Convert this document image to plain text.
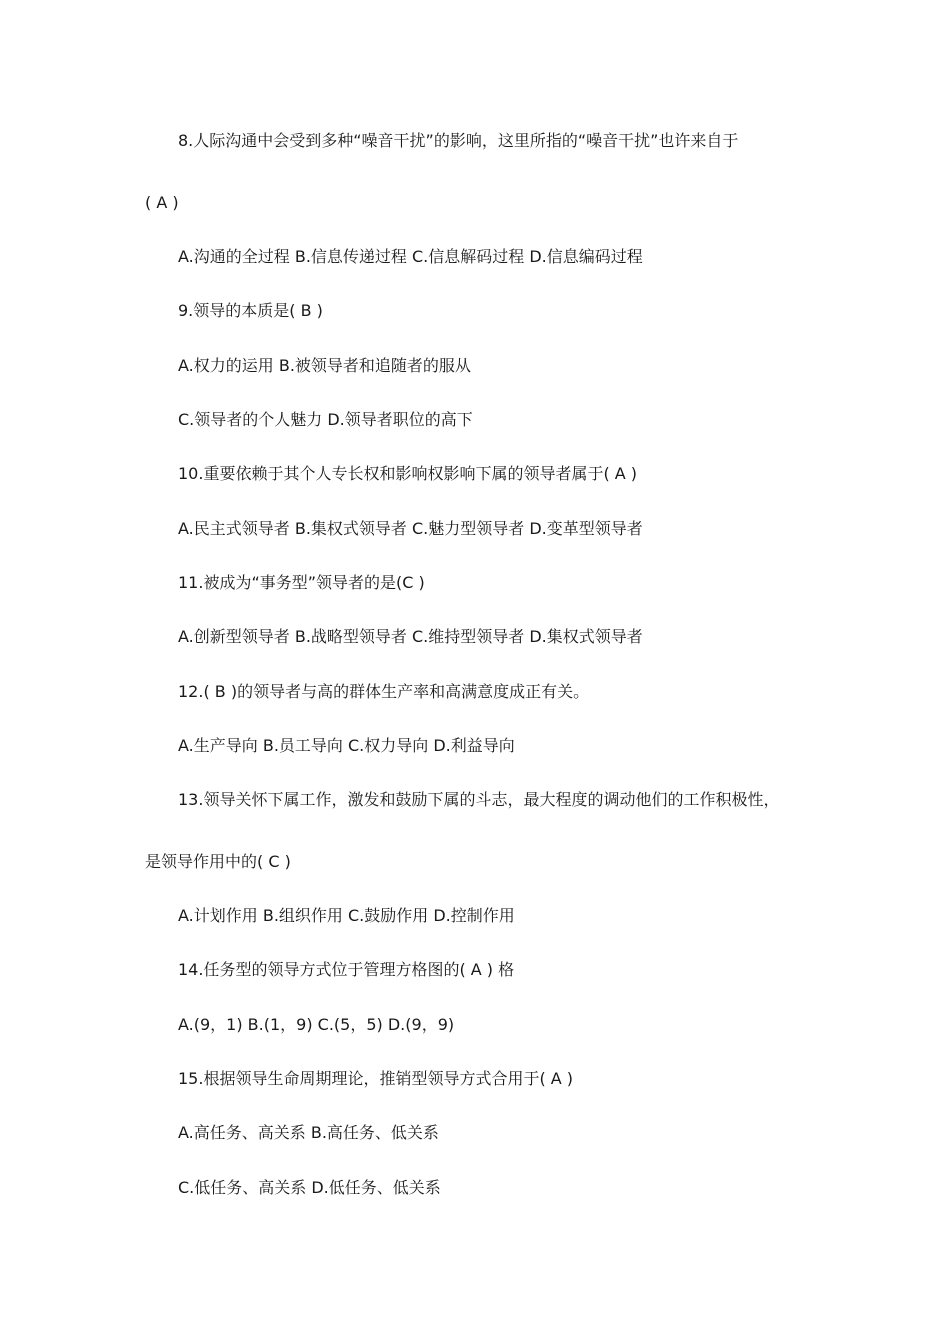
8.人际沟通中会受到多种“噪音干扰”的影响，这里所指的“噪音干扰”也许来自于

( A )

A.沟通的全过程 B.信息传递过程 C.信息解码过程 D.信息编码过程

9.领导的本质是( B )

A.权力的运用 B.被领导者和追随者的服从

C.领导者的个人魅力 D.领导者职位的高下

10.重要依赖于其个人专长权和影响权影响下属的领导者属于( A )

A.民主式领导者 B.集权式领导者 C.魅力型领导者 D.变革型领导者

11.被成为“事务型”领导者的是(C )

A.创新型领导者 B.战略型领导者 C.维持型领导者 D.集权式领导者

12.( B )的领导者与高的群体生产率和高满意度成正有关。

A.生产导向 B.员工导向 C.权力导向 D.利益导向

13.领导关怀下属工作，激发和鼓励下属的斗志，最大程度的调动他们的工作积极性，

是领导作用中的( C )

A.计划作用 B.组织作用 C.鼓励作用 D.控制作用

14.任务型的领导方式位于管理方格图的( A ) 格

A.(9，1) B.(1，9) C.(5，5) D.(9，9)

15.根据领导生命周期理论，推销型领导方式合用于( A )

A.高任务、高关系 B.高任务、低关系

C.低任务、高关系 D.低任务、低关系
